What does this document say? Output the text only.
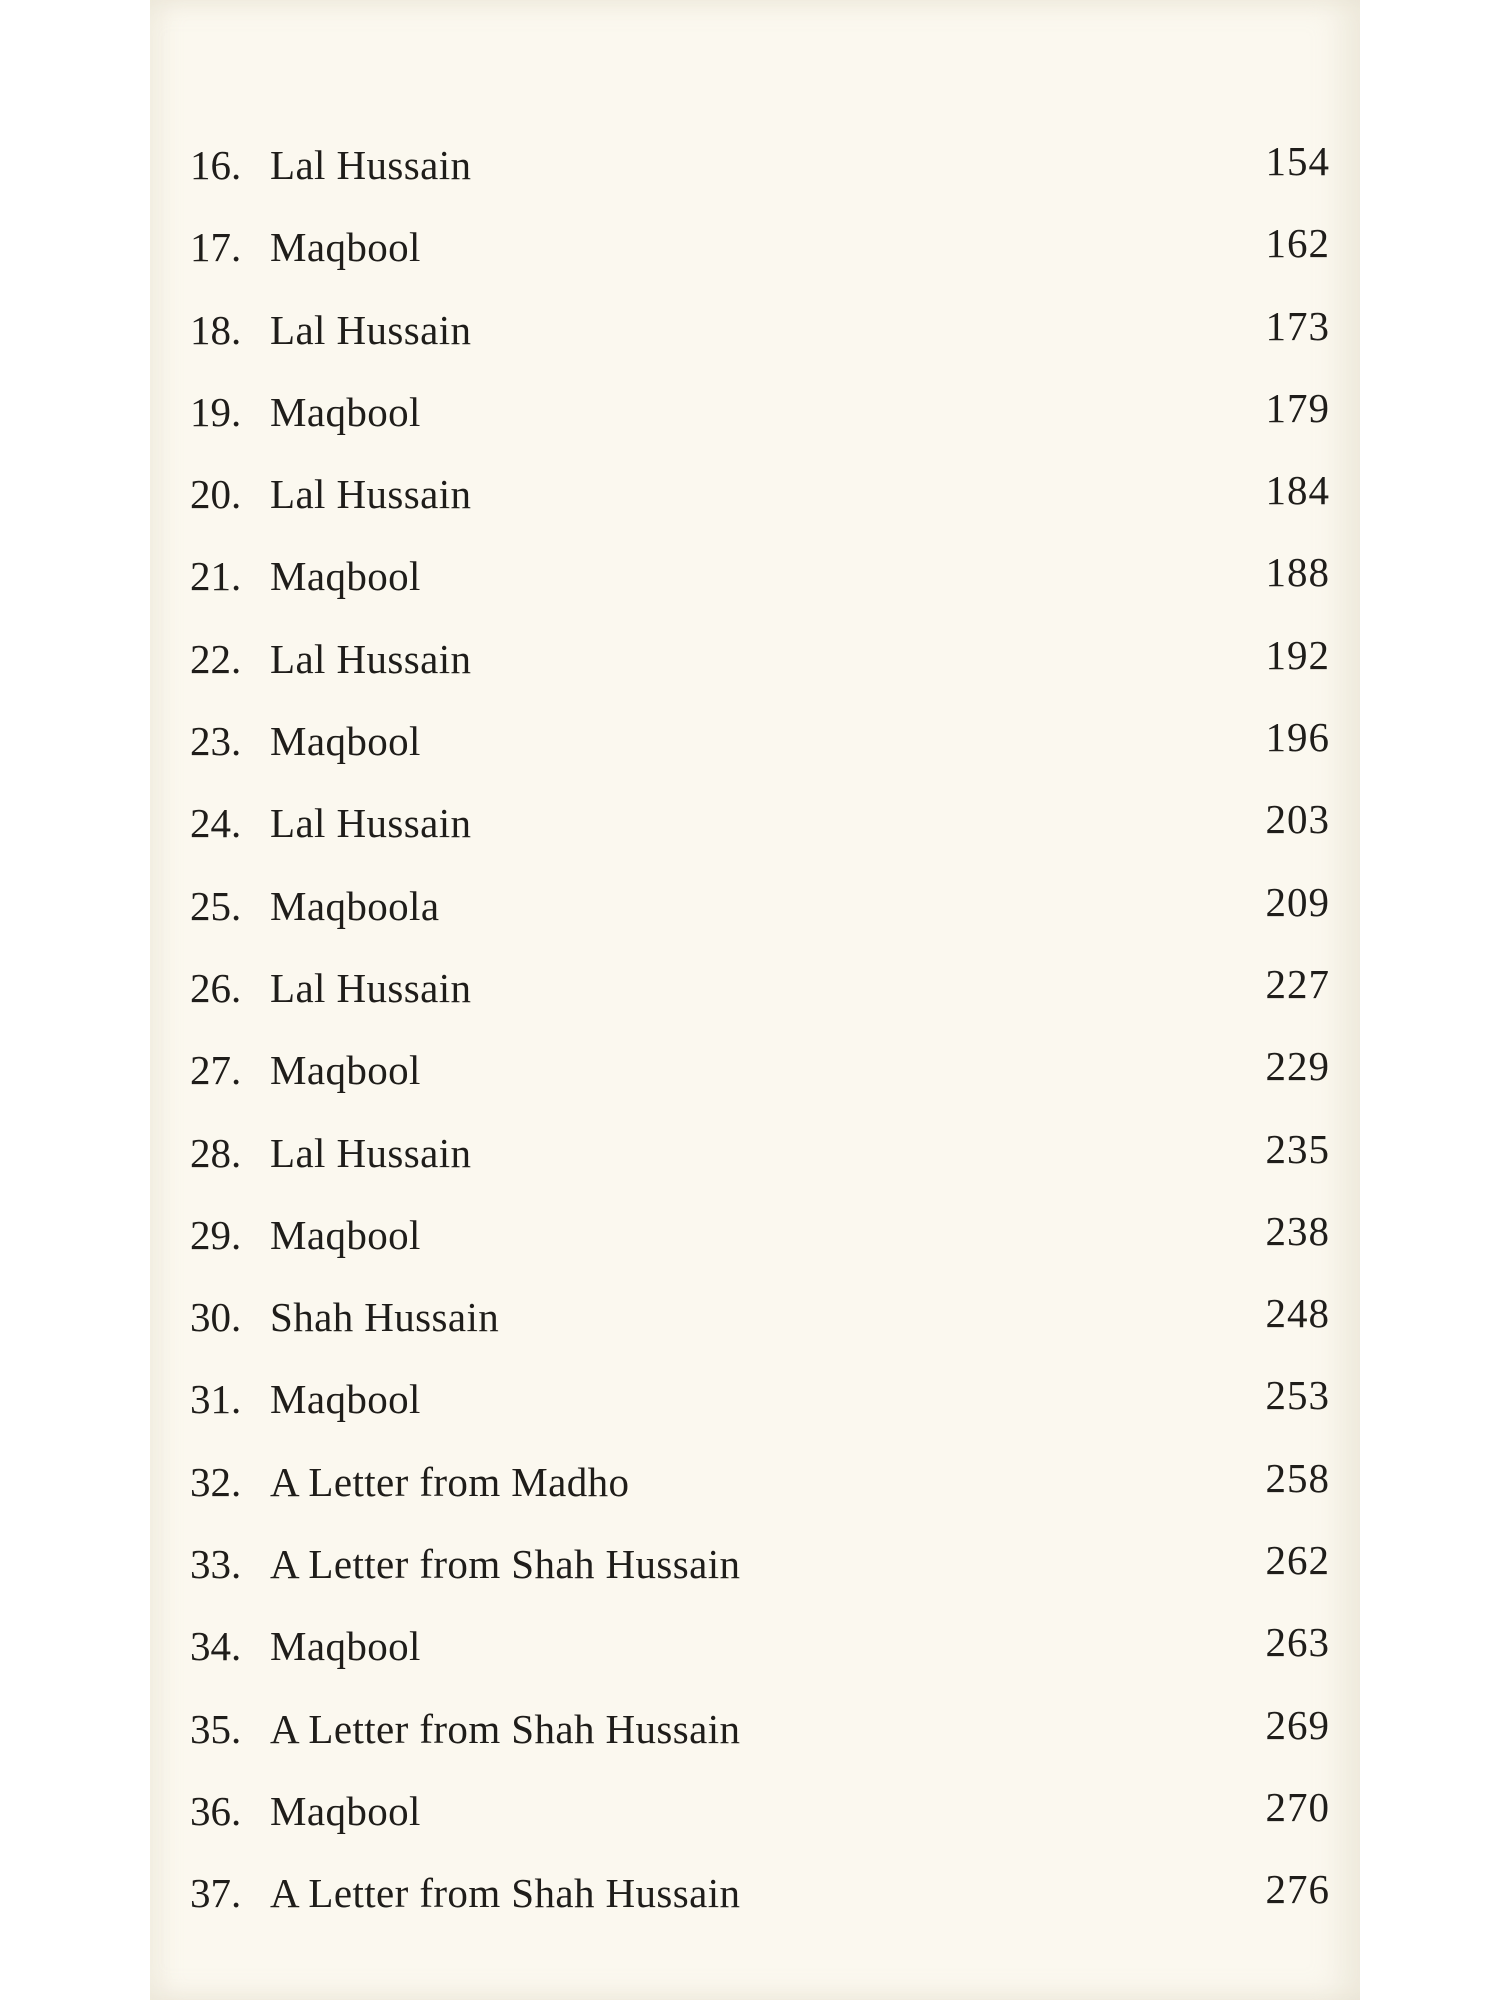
16. Lal Hussain	154
17. Maqbool	162
18. Lal Hussain	173
19. Maqbool	179
20. Lal Hussain	184
21. Maqbool	188
22. Lal Hussain	192
23. Maqbool	196
24. Lal Hussain	203
25. Maqboola	209
26. Lal Hussain	227
27. Maqbool	229
28. Lal Hussain	235
29. Maqbool	238
30. Shah Hussain	248
31. Maqbool	253
32. A Letter from Madho	258
33. A Letter from Shah Hussain	262
34. Maqbool	263
35. A Letter from Shah Hussain	269
36. Maqbool	270
37. A Letter from Shah Hussain	276
